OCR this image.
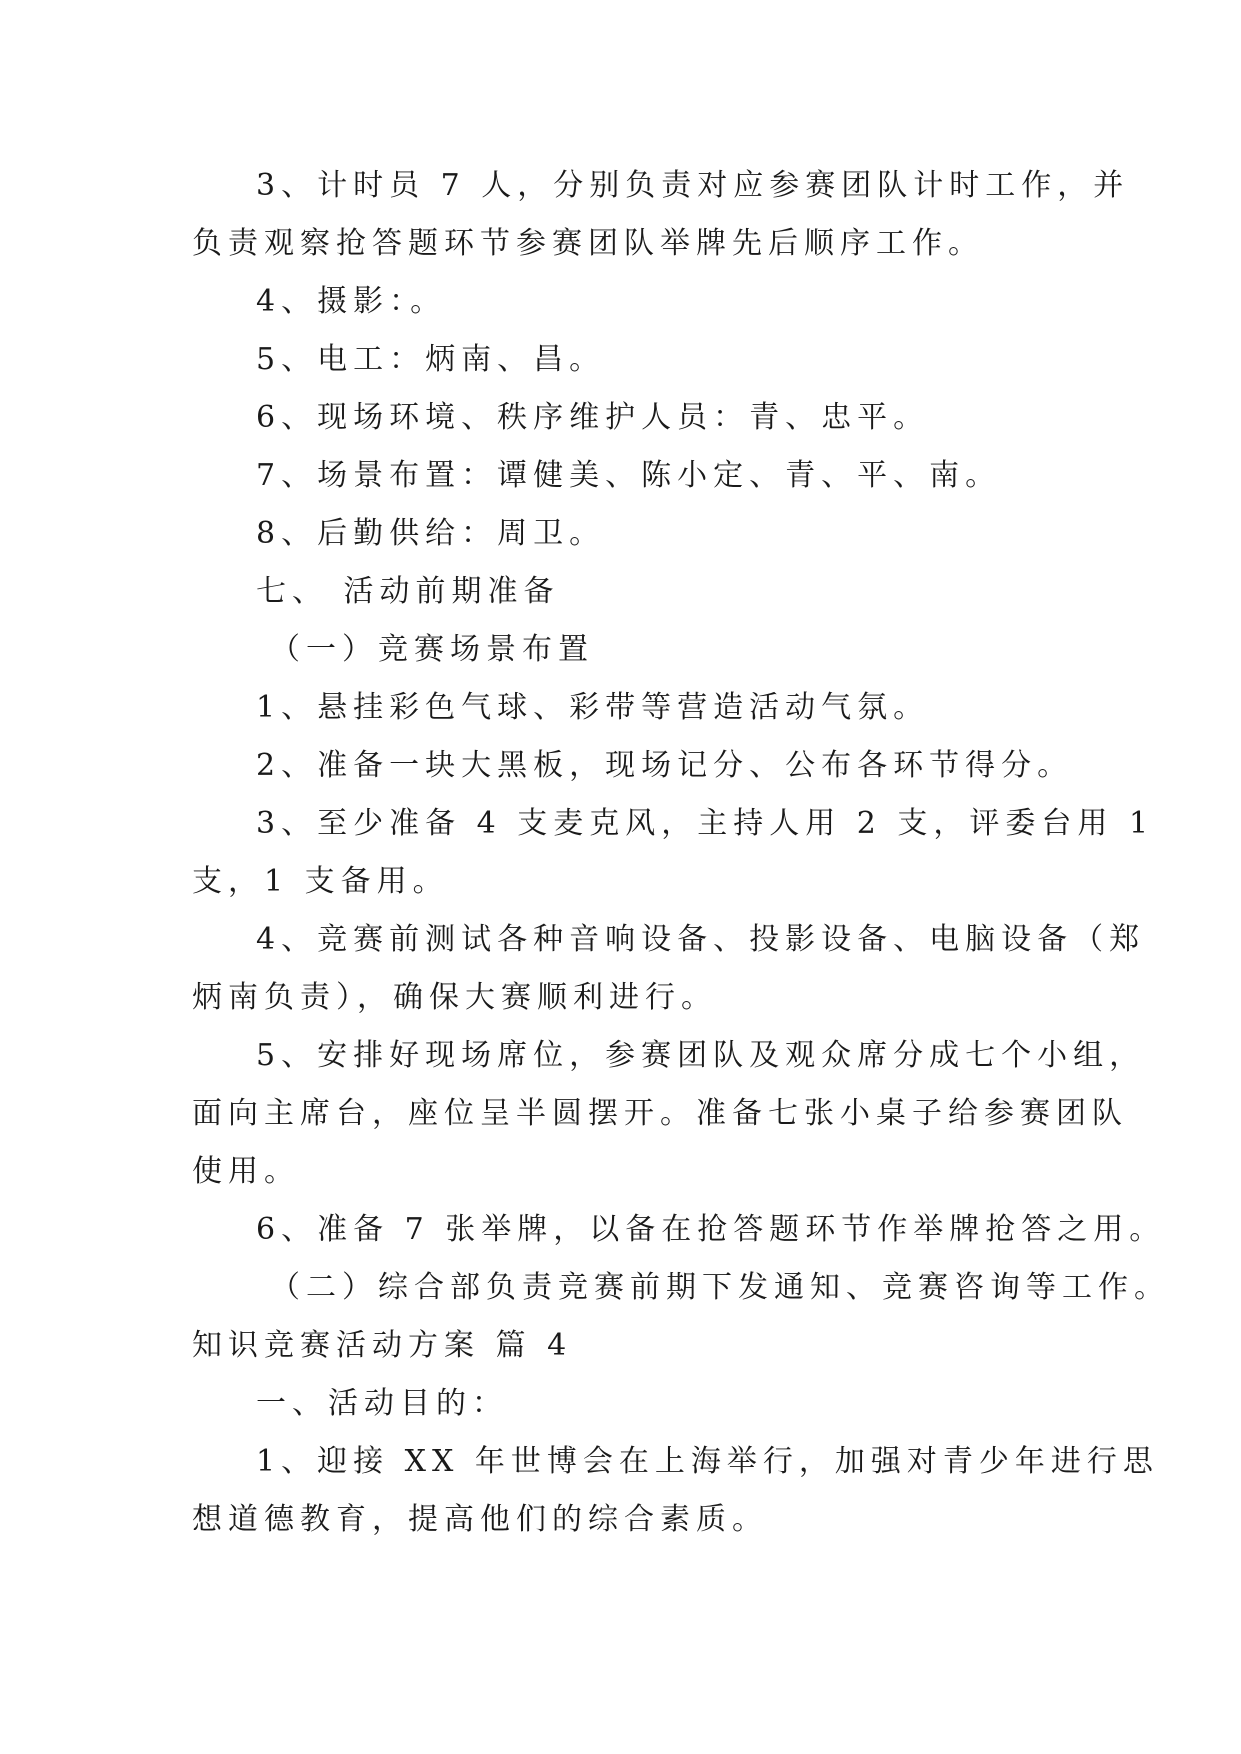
3、计时员 7 人，分别负责对应参赛团队计时工作，并
负责观察抢答题环节参赛团队举牌先后顺序工作。
4、摄影：。
5、电工：炳南、昌。
6、现场环境、秩序维护人员：青、忠平。
7、场景布置：谭健美、陈小定、青、平、南。
8、后勤供给：周卫。
七、 活动前期准备
（一）竞赛场景布置
1、悬挂彩色气球、彩带等营造活动气氛。
2、准备一块大黑板，现场记分、公布各环节得分。
3、至少准备 4 支麦克风，主持人用 2 支，评委台用 1
支，1 支备用。
4、竞赛前测试各种音响设备、投影设备、电脑设备（郑
炳南负责），确保大赛顺利进行。
5、安排好现场席位，参赛团队及观众席分成七个小组，
面向主席台，座位呈半圆摆开。准备七张小桌子给参赛团队
使用。
6、准备 7 张举牌，以备在抢答题环节作举牌抢答之用。
（二）综合部负责竞赛前期下发通知、竞赛咨询等工作。
知识竞赛活动方案 篇 4
一、活动目的：
1、迎接 XX 年世博会在上海举行，加强对青少年进行思
想道德教育，提高他们的综合素质。
